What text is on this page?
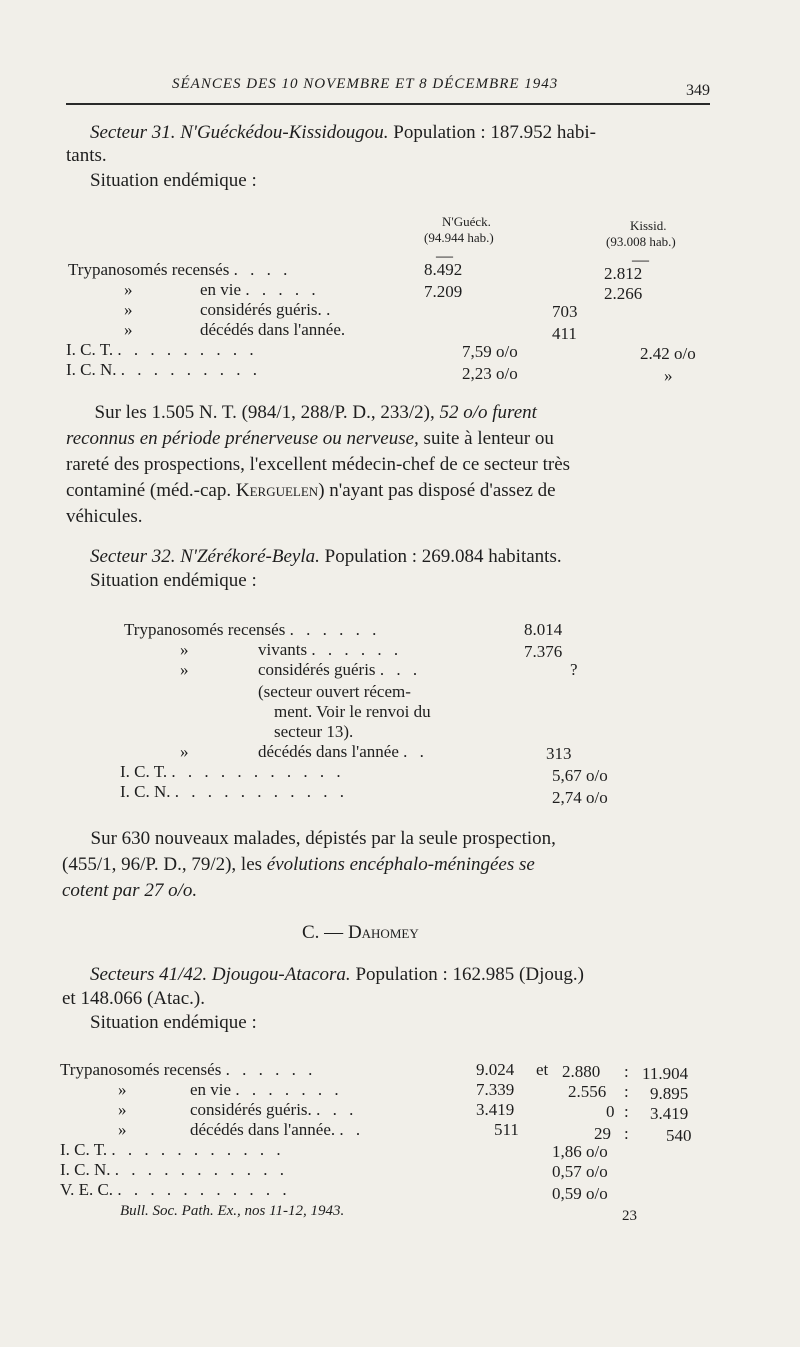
SÉANCES DES 10 NOVEMBRE ET 8 DÉCEMBRE 1943	349
Secteur 31. N'Guéckédou-Kissidougou. Population : 187.952 habi-
tants.
Situation endémique :
N'Guéck.
(94.944 hab.)
Kissid.
(93.008 hab.)
—	—
Trypanosomés recensés . . . .	8.492	2.812
»	en vie . . . . .	7.209	2.266
»	considérés guéris. .	703
»	décédés dans l'année.	411
I. C. T. . . . . . . . . .	7,59 o/o	2.42 o/o
I. C. N. . . . . . . . . .	2,23 o/o	»

  Sur les 1.505 N. T. (984/1, 288/P. D., 233/2), 52 o/o furent

reconnus en période prénerveuse ou nerveuse, suite à lenteur ou

rareté des prospections, l'excellent médecin-chef de ce secteur très

contaminé (méd.-cap. Kerguelen) n'ayant pas disposé d'assez de

véhicules.

Secteur 32. N'Zérékoré-Beyla. Population : 269.084 habitants.
Situation endémique :
Trypanosomés recensés . . . . . .	8.014
»	vivants . . . . . .	7.376
»	considérés guéris . . .	?
(secteur ouvert récem-
ment. Voir le renvoi du
secteur 13).
»	décédés dans l'année . .	313
I. C. T. . . . . . . . . . . .	5,67 o/o
I. C. N. . . . . . . . . . . .	2,74 o/o

  Sur 630 nouveaux malades, dépistés par la seule prospection,

(455/1, 96/P. D., 79/2), les évolutions encéphalo-méningées se

cotent par 27 o/o.

C. — Dahomey
Secteurs 41/42. Djougou-Atacora. Population : 162.985 (Djoug.)
et 148.066 (Atac.).
Situation endémique :
Trypanosomés recensés . . . . . .	9.024 et 2.880 : 11.904
»	en vie . . . . . . .	7.339	2.556 : 9.895
»	considérés guéris. . . .	3.419	0 : 3.419
»	décédés dans l'année. . .	511	29 : 540
I. C. T. . . . . . . . . . . .	1,86 o/o
I. C. N. . . . . . . . . . . .	0,57 o/o
V. E. C. . . . . . . . . . . .	0,59 o/o
Bull. Soc. Path. Ex., nos 11-12, 1943.	23
